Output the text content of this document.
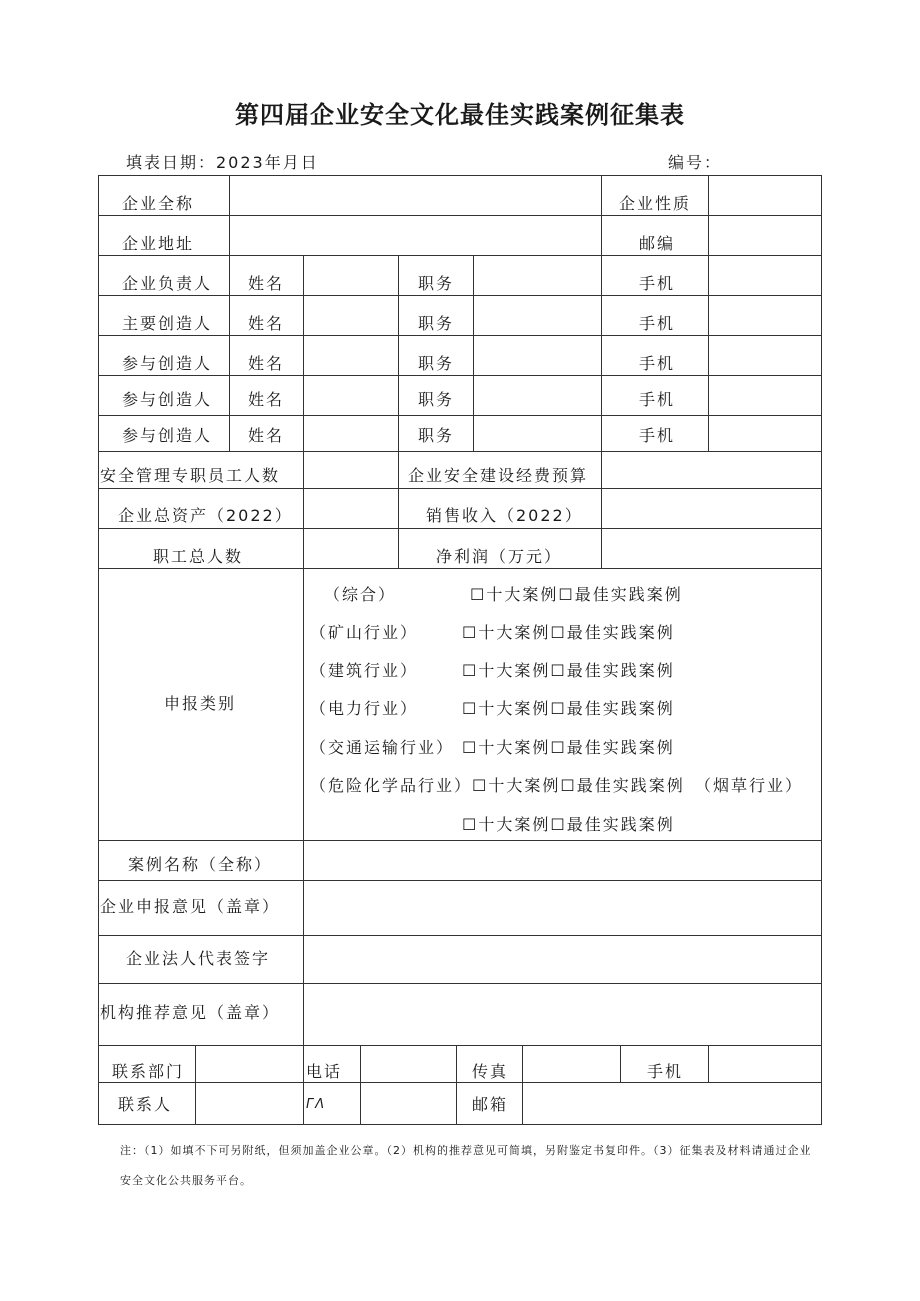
第四届企业安全文化最佳实践案例征集表
填表日期：2023年月日	编号：
企业全称	企业性质
企业地址	邮编
企业负责人 姓名	职务	手机
主要创造人 姓名	职务	手机
参与创造人 姓名	职务	手机
参与创造人 姓名	职务	手机
参与创造人 姓名	职务	手机
安全管理专职员工人数	企业安全建设经费预算
企业总资产（2022）	销售收入（2022）
职工总人数	净利润（万元）
申报类别
（综合）	☐十大案例☐最佳实践案例
（矿山行业）	☐十大案例☐最佳实践案例
（建筑行业）	☐十大案例☐最佳实践案例
（电力行业）	☐十大案例☐最佳实践案例
（交通运输行业） ☐十大案例☐最佳实践案例
（危险化学品行业） ☐十大案例☐最佳实践案例 （烟草行业）
☐十大案例☐最佳实践案例
案例名称（全称）
企业申报意见（盖章）
企业法人代表签字
机构推荐意见（盖章）
联系部门	电话	传真	手机
联系人	ΓΛ	邮箱
注：（1）如填不下可另附纸，但须加盖企业公章。（2）机构的推荐意见可简填，另附鉴定书复印件。（3）征集表及材料请通过企业安全文化公共服务平台。
